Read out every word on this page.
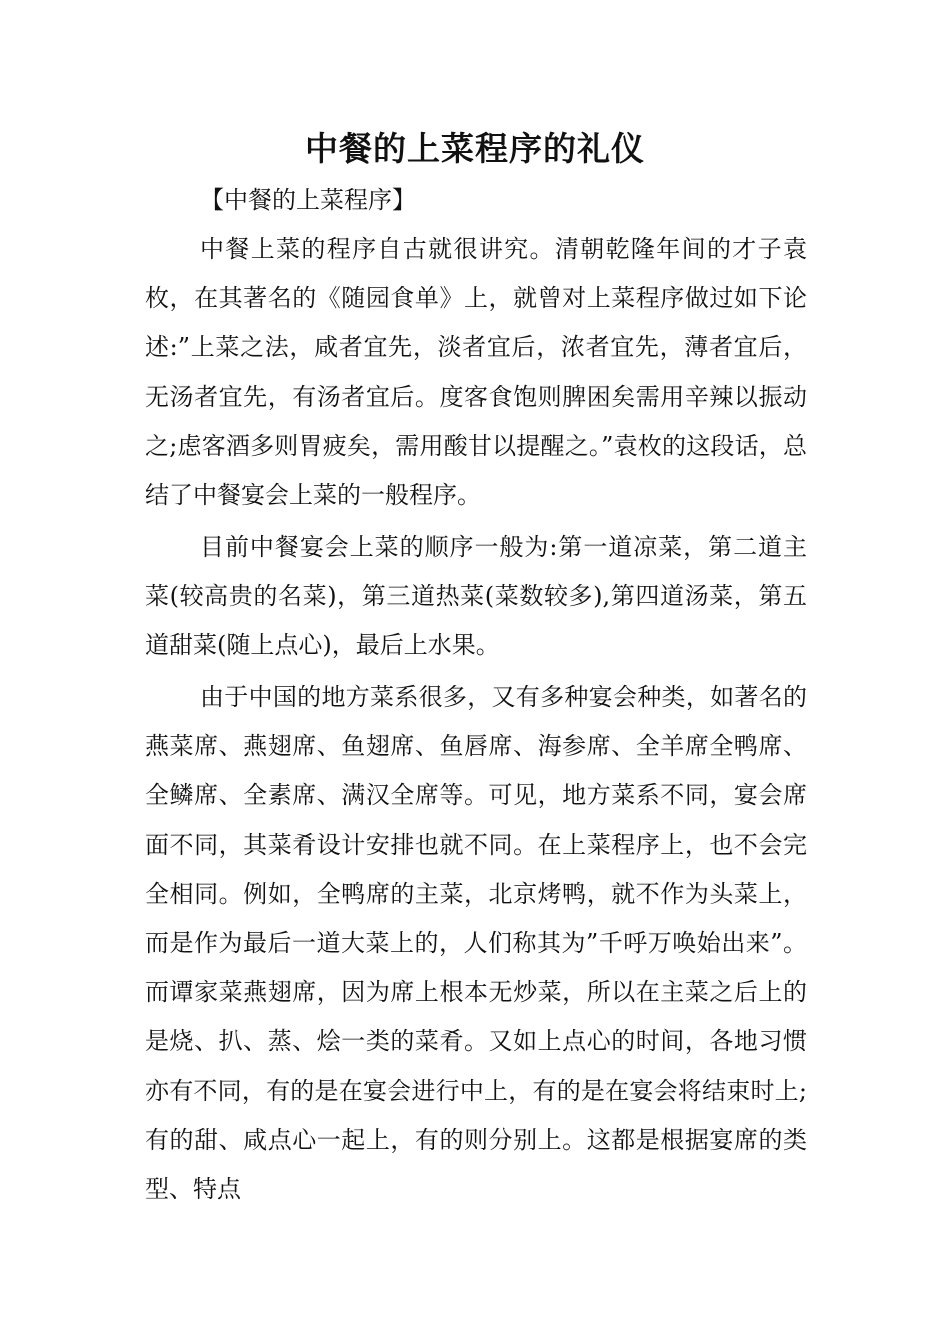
中餐的上菜程序的礼仪

【中餐的上菜程序】

中餐上菜的程序自古就很讲究。清朝乾隆年间的才子袁枚，在其著名的《随园食单》上，就曾对上菜程序做过如下论述:”上菜之法，咸者宜先，淡者宜后，浓者宜先，薄者宜后，无汤者宜先，有汤者宜后。度客食饱则脾困矣需用辛辣以振动之;虑客酒多则胃疲矣，需用酸甘以提醒之。”袁枚的这段话，总结了中餐宴会上菜的一般程序。

目前中餐宴会上菜的顺序一般为:第一道凉菜，第二道主菜(较高贵的名菜)，第三道热菜(菜数较多),第四道汤菜，第五道甜菜(随上点心)，最后上水果。

由于中国的地方菜系很多，又有多种宴会种类，如著名的燕菜席、燕翅席、鱼翅席、鱼唇席、海参席、全羊席全鸭席、全鳞席、全素席、满汉全席等。可见，地方菜系不同，宴会席面不同，其菜肴设计安排也就不同。在上菜程序上，也不会完全相同。例如，全鸭席的主菜，北京烤鸭，就不作为头菜上，而是作为最后一道大菜上的，人们称其为”千呼万唤始出来”。而谭家菜燕翅席，因为席上根本无炒菜，所以在主菜之后上的是烧、扒、蒸、烩一类的菜肴。又如上点心的时间，各地习惯亦有不同，有的是在宴会进行中上，有的是在宴会将结束时上;有的甜、咸点心一起上，有的则分别上。这都是根据宴席的类型、特点
